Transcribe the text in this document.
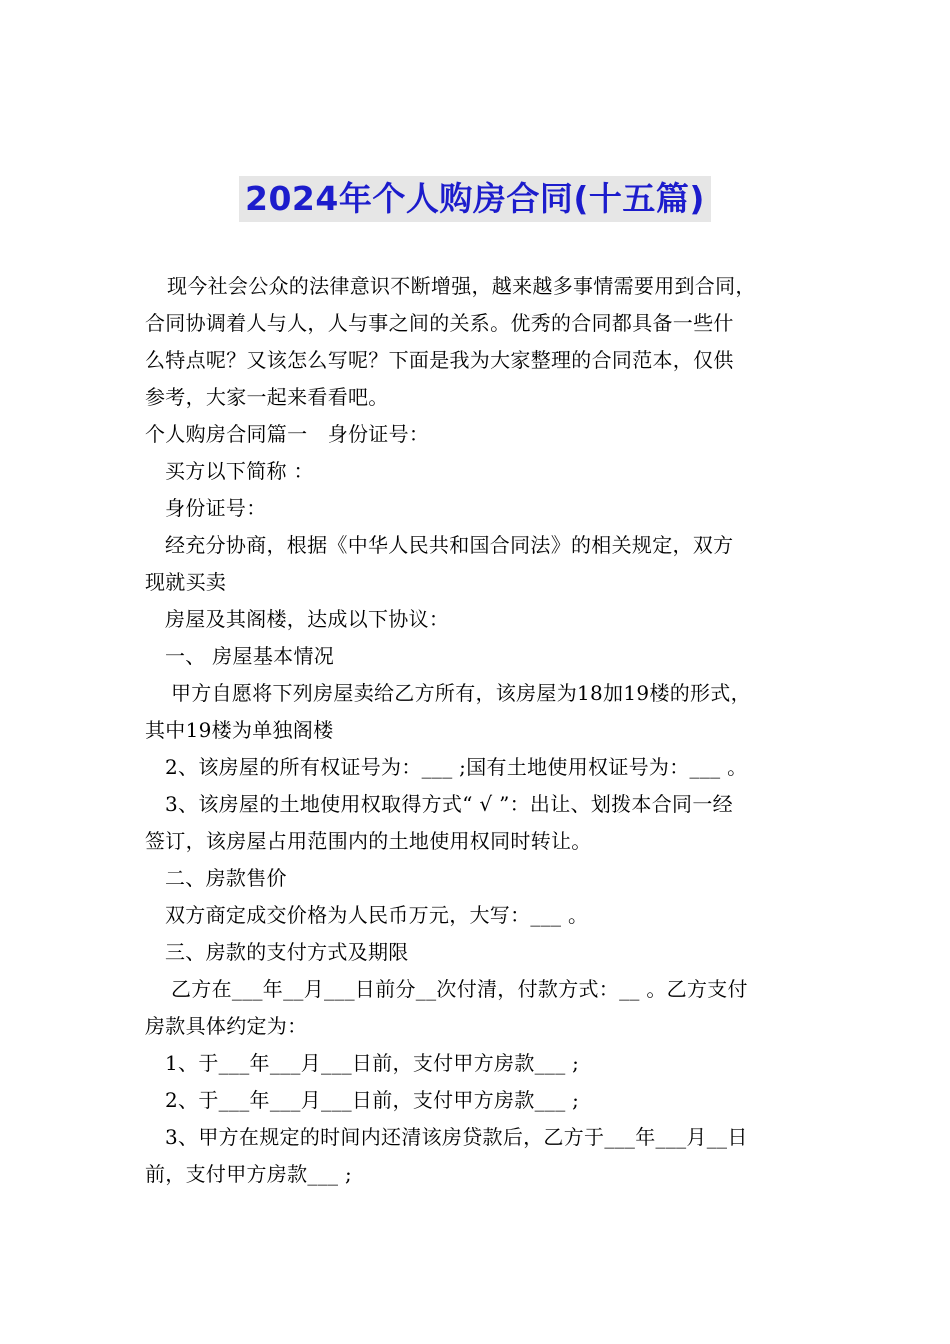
2024年个人购房合同(十五篇)
现今社会公众的法律意识不断增强，越来越多事情需要用到合同，
合同协调着人与人，人与事之间的关系。优秀的合同都具备一些什
么特点呢？又该怎么写呢？下面是我为大家整理的合同范本，仅供
参考，大家一起来看看吧。
个人购房合同篇一　身份证号：
买方以下简称 ：
身份证号：
经充分协商，根据《中华人民共和国合同法》的相关规定，双方
现就买卖
房屋及其阁楼，达成以下协议：
一、 房屋基本情况
甲方自愿将下列房屋卖给乙方所有，该房屋为18加19楼的形式，
其中19楼为单独阁楼
2、该房屋的所有权证号为：___ ;国有土地使用权证号为：___ 。
3、该房屋的土地使用权取得方式“ √ ”：出让、划拨本合同一经
签订，该房屋占用范围内的土地使用权同时转让。
二、房款售价
双方商定成交价格为人民币万元，大写：___ 。
三、房款的支付方式及期限
乙方在___年__月___日前分__次付清，付款方式：__ 。乙方支付
房款具体约定为：
1、于___年___月___日前，支付甲方房款___ ;
2、于___年___月___日前，支付甲方房款___ ;
3、甲方在规定的时间内还清该房贷款后，乙方于___年___月__日
前，支付甲方房款___ ;
